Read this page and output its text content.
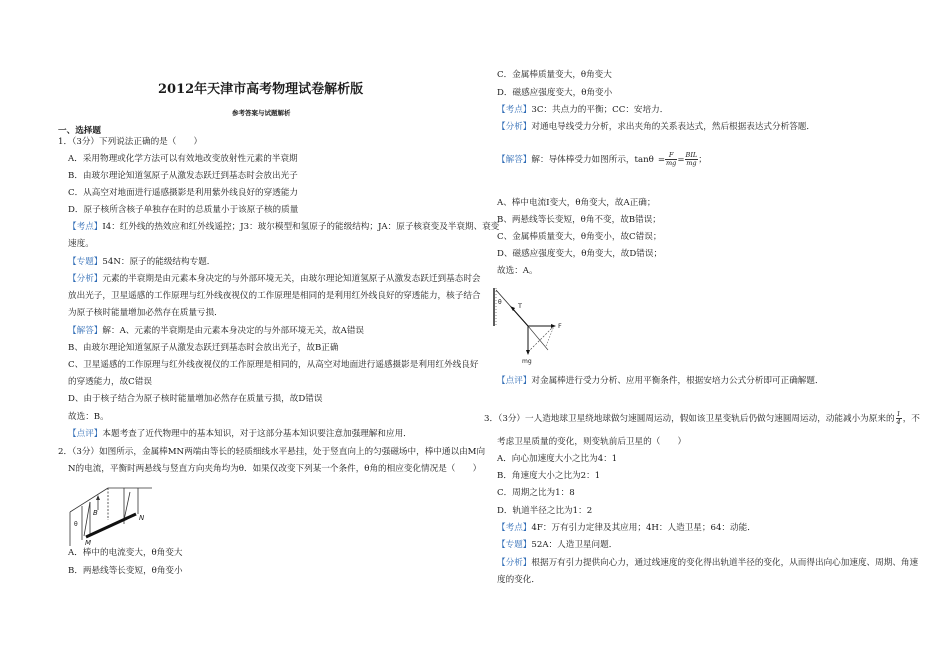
2012年天津市高考物理试卷解析版
参考答案与试题解析
一、选择题
1．（3分）下列说法正确的是（　　）
A．采用物理或化学方法可以有效地改变放射性元素的半衰期
B．由玻尔理论知道氢原子从激发态跃迁到基态时会放出光子
C．从高空对地面进行遥感摄影是利用紫外线良好的穿透能力
D．原子核所含核子单独存在时的总质量小于该原子核的质量
【考点】I4：红外线的热效应和红外线遥控；J3：玻尔模型和氢原子的能级结构；JA：原子核衰变及半衰期、衰变
速度。
【专题】54N：原子的能级结构专题．
【分析】元素的半衰期是由元素本身决定的与外部环境无关，由玻尔理论知道氢原子从激发态跃迁到基态时会
放出光子，卫星遥感的工作原理与红外线夜视仪的工作原理是相同的是利用红外线良好的穿透能力，核子结合
为原子核时能量增加必然存在质量亏损．
【解答】解：A、元素的半衰期是由元素本身决定的与外部环境无关，故A错误
B、由玻尔理论知道氢原子从激发态跃迁到基态时会放出光子，故B正确
C、卫星遥感的工作原理与红外线夜视仪的工作原理是相同的，从高空对地面进行遥感摄影是利用红外线良好
的穿透能力，故C错误
D、由于核子结合为原子核时能量增加必然存在质量亏损，故D错误
故选：B。
【点评】本题考查了近代物理中的基本知识，对于这部分基本知识要注意加强理解和应用．
2．（3分）如图所示，金属棒MN两端由等长的轻质细线水平悬挂，处于竖直向上的匀强磁场中，棒中通以由M向
N的电流，平衡时两悬线与竖直方向夹角均为θ．如果仅改变下列某一个条件，θ角的相应变化情况是（　　）
A．棒中的电流变大，θ角变大
B．两悬线等长变短，θ角变小
C．金属棒质量变大，θ角变大
D．磁感应强度变大，θ角变小
【考点】3C：共点力的平衡；CC：安培力．
【分析】对通电导线受力分析，求出夹角的关系表达式，然后根据表达式分析答题．
A、棒中电流I变大，θ角变大，故A正确；
B、两悬线等长变短，θ角不变，故B错误；
C、金属棒质量变大，θ角变小，故C错误；
D、磁感应强度变大，θ角变大，故D错误；
故选：A。
【点评】对金属棒进行受力分析、应用平衡条件，根据安培力公式分析即可正确解题．
考虑卫星质量的变化，则变轨前后卫星的（　　）
A．向心加速度大小之比为4：1
B．角速度大小之比为2：1
C．周期之比为1：8
D．轨道半径之比为1：2
【考点】4F：万有引力定律及其应用；4H：人造卫星；64：动能．
【专题】52A：人造卫星问题．
【分析】根据万有引力提供向心力，通过线速度的变化得出轨道半径的变化，从而得出向心加速度、周期、角速
度的变化．
【解答】解：导体棒受力如图所示，$\tan\theta = \frac{F}{mg} = \frac{\text{BIL}}{mg}$ ；
3．（3分）一人造地球卫星绕地球做匀速圆周运动，假如该卫星变轨后仍做匀速圆周运动，动能减小为原来的 $\frac{1}{4}$ ，不
B
N
M
θ
θ	T
F
mg
